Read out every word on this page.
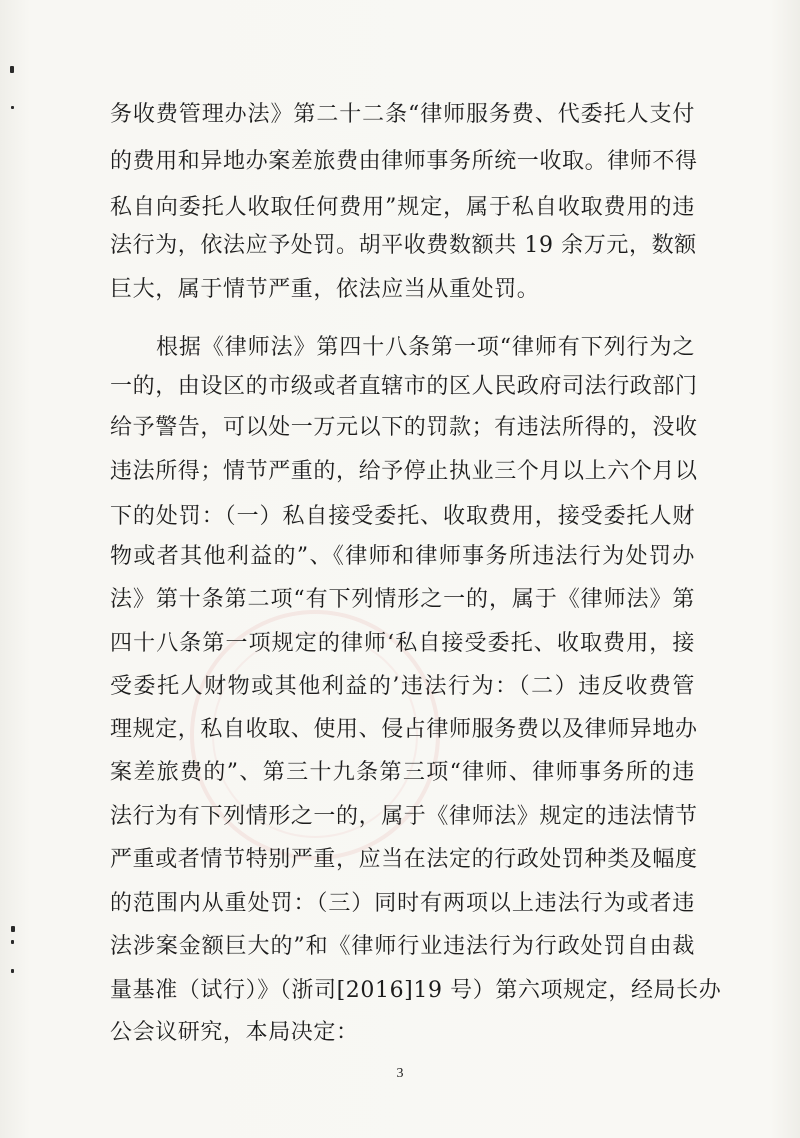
务收费管理办法》第二十二条“律师服务费、代委托人支付
的费用和异地办案差旅费由律师事务所统一收取。律师不得
私自向委托人收取任何费用”规定，属于私自收取费用的违
法行为，依法应予处罚。胡平收费数额共 19 余万元，数额
巨大，属于情节严重，依法应当从重处罚。
根据《律师法》第四十八条第一项“律师有下列行为之
一的，由设区的市级或者直辖市的区人民政府司法行政部门
给予警告，可以处一万元以下的罚款；有违法所得的，没收
违法所得；情节严重的，给予停止执业三个月以上六个月以
下的处罚：（一）私自接受委托、收取费用，接受委托人财
物或者其他利益的”、《律师和律师事务所违法行为处罚办
法》第十条第二项“有下列情形之一的，属于《律师法》第
四十八条第一项规定的律师‘私自接受委托、收取费用，接
受委托人财物或其他利益的’违法行为：（二）违反收费管
理规定，私自收取、使用、侵占律师服务费以及律师异地办
案差旅费的”、第三十九条第三项“律师、律师事务所的违
法行为有下列情形之一的，属于《律师法》规定的违法情节
严重或者情节特别严重，应当在法定的行政处罚种类及幅度
的范围内从重处罚：（三）同时有两项以上违法行为或者违
法涉案金额巨大的”和《律师行业违法行为行政处罚自由裁
量基准（试行）》（浙司[2016]19 号）第六项规定，经局长办
公会议研究，本局决定：
3
